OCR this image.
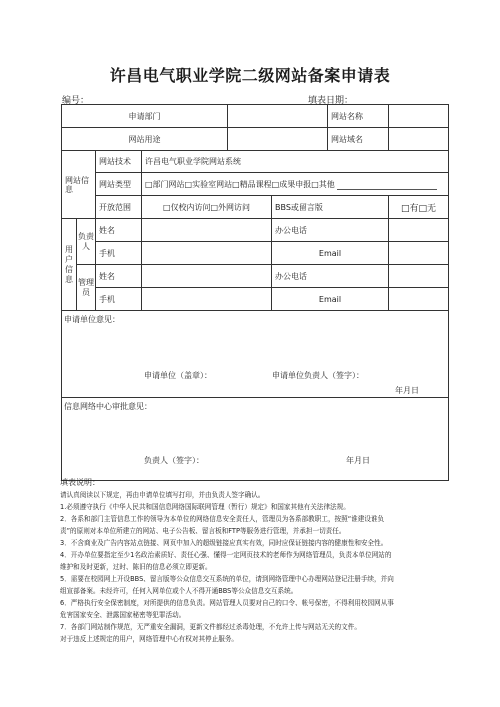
许昌电气职业学院二级网站备案申请表
编号：	填表日期：
申请部门						网站名称	
网站用途						网站域名	
网站信息		网站技术	许昌电气职业学院网站系统				
		网站类型	□部门网站□实验室网站□精品课程□成果申报□其他				
		开放范围	□仅校内访问□外网访问		BBS或留言版		□有□无
用户信息	负责人	姓名			办公电话		
		手机			Email		
	管理员	姓名			办公电话		
		手机			Email		

申请单位意见：
申请单位（盖章）： 申请单位负责人（签字）：
年月日							

信息网络中心审批意见：
负责人（签字）： 年月日							
填表说明：

请认真阅读以下规定，再由申请单位填写打印，并由负责人签字确认。

1.必须遵守执行《中华人民共和国信息网络国际联网管理（暂行）规定》和国家其他有关法律法规。

2．各系和部门主管信息工作的领导为本单位的网络信息安全责任人，管理员为各系部教职工，按照“谁建设谁负

责”的原则对本单位所建立的网站、电子公告板、留言板和FTP等服务进行管理，并承担一切责任。

3．不含商业及广告内容站点链接、网页中加入的超级链接应真实有效，同时应保证链接内容的健康性和安全性。

4．开办单位要指定至少1名政治素质好、责任心强、懂得一定网页技术的老师作为网络管理员，负责本单位网站的

维护和及时更新，过时、陈旧的信息必须立即更新。

5．需要在校园网上开设BBS、留言版等公众信息交互系统的单位，请到网络管理中心办理网站登记注册手续，并向

组宣部备案。未经许可，任何入网单位或个人不得开通BBS等公众信息交互系统。

6．严格执行安全保密制度，对所提供的信息负责。网站管理人员要对自己的口令、帐号保密，不得利用校园网从事

危害国家安全、泄露国家秘密等犯罪活动。

7．各部门网站制作规范，无严重安全漏洞，更新文件都经过杀毒处理，不允许上传与网站无关的文件。

对于违反上述规定的用户，网络管理中心有权对其停止服务。
